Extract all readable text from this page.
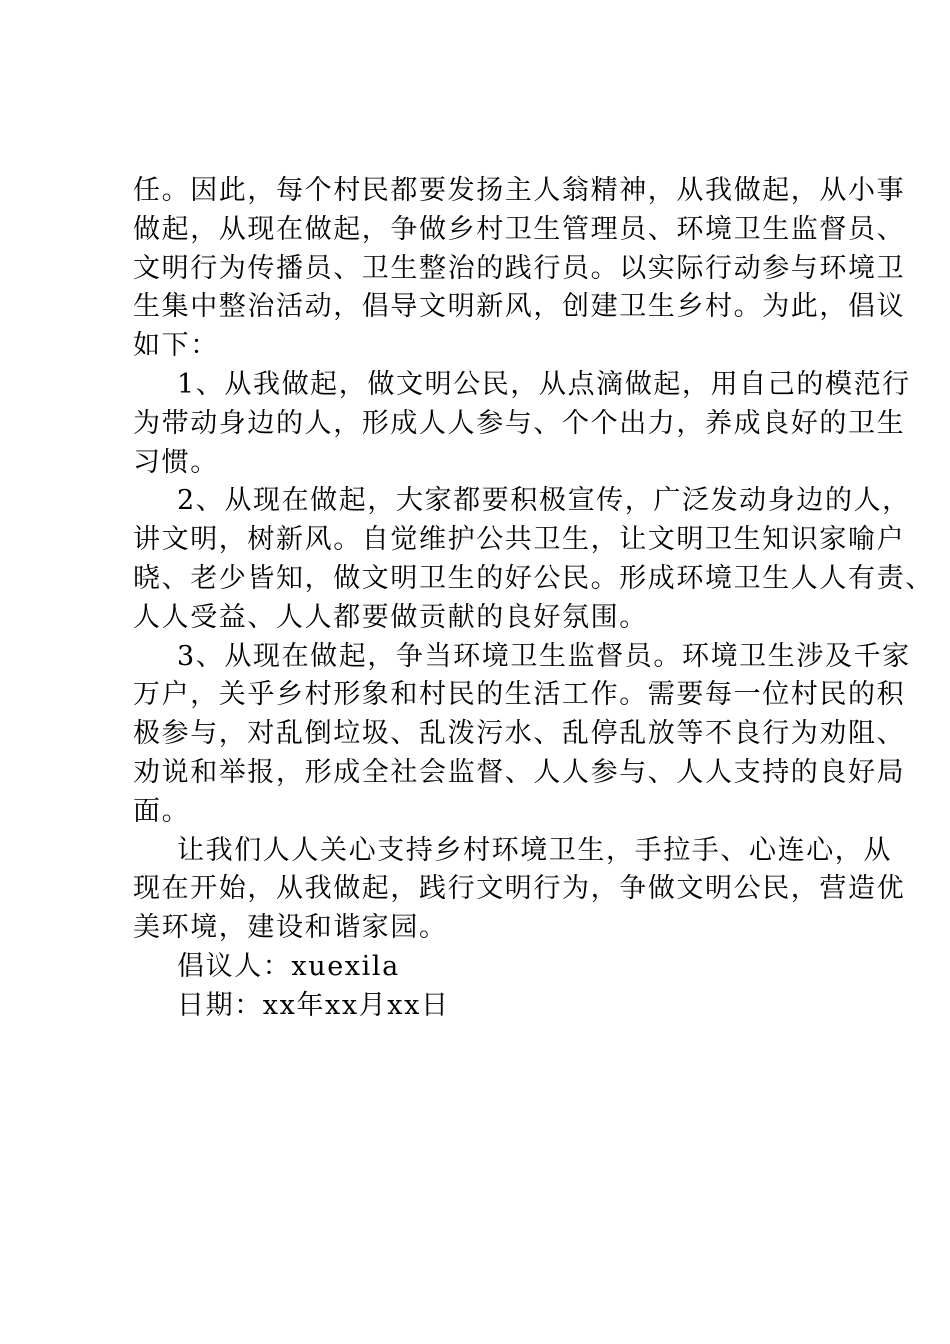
任。因此，每个村民都要发扬主人翁精神，从我做起，从小事
做起，从现在做起，争做乡村卫生管理员、环境卫生监督员、
文明行为传播员、卫生整治的践行员。以实际行动参与环境卫
生集中整治活动，倡导文明新风，创建卫生乡村。为此，倡议
如下：
1、从我做起，做文明公民，从点滴做起，用自己的模范行
为带动身边的人，形成人人参与、个个出力，养成良好的卫生
习惯。
2、从现在做起，大家都要积极宣传，广泛发动身边的人，
讲文明，树新风。自觉维护公共卫生，让文明卫生知识家喻户
晓、老少皆知，做文明卫生的好公民。形成环境卫生人人有责、
人人受益、人人都要做贡献的良好氛围。
3、从现在做起，争当环境卫生监督员。环境卫生涉及千家
万户，关乎乡村形象和村民的生活工作。需要每一位村民的积
极参与，对乱倒垃圾、乱泼污水、乱停乱放等不良行为劝阻、
劝说和举报，形成全社会监督、人人参与、人人支持的良好局
面。
让我们人人关心支持乡村环境卫生，手拉手、心连心，从
现在开始，从我做起，践行文明行为，争做文明公民，营造优
美环境，建设和谐家园。
倡议人：xuexila
日期：xx年xx月xx日
